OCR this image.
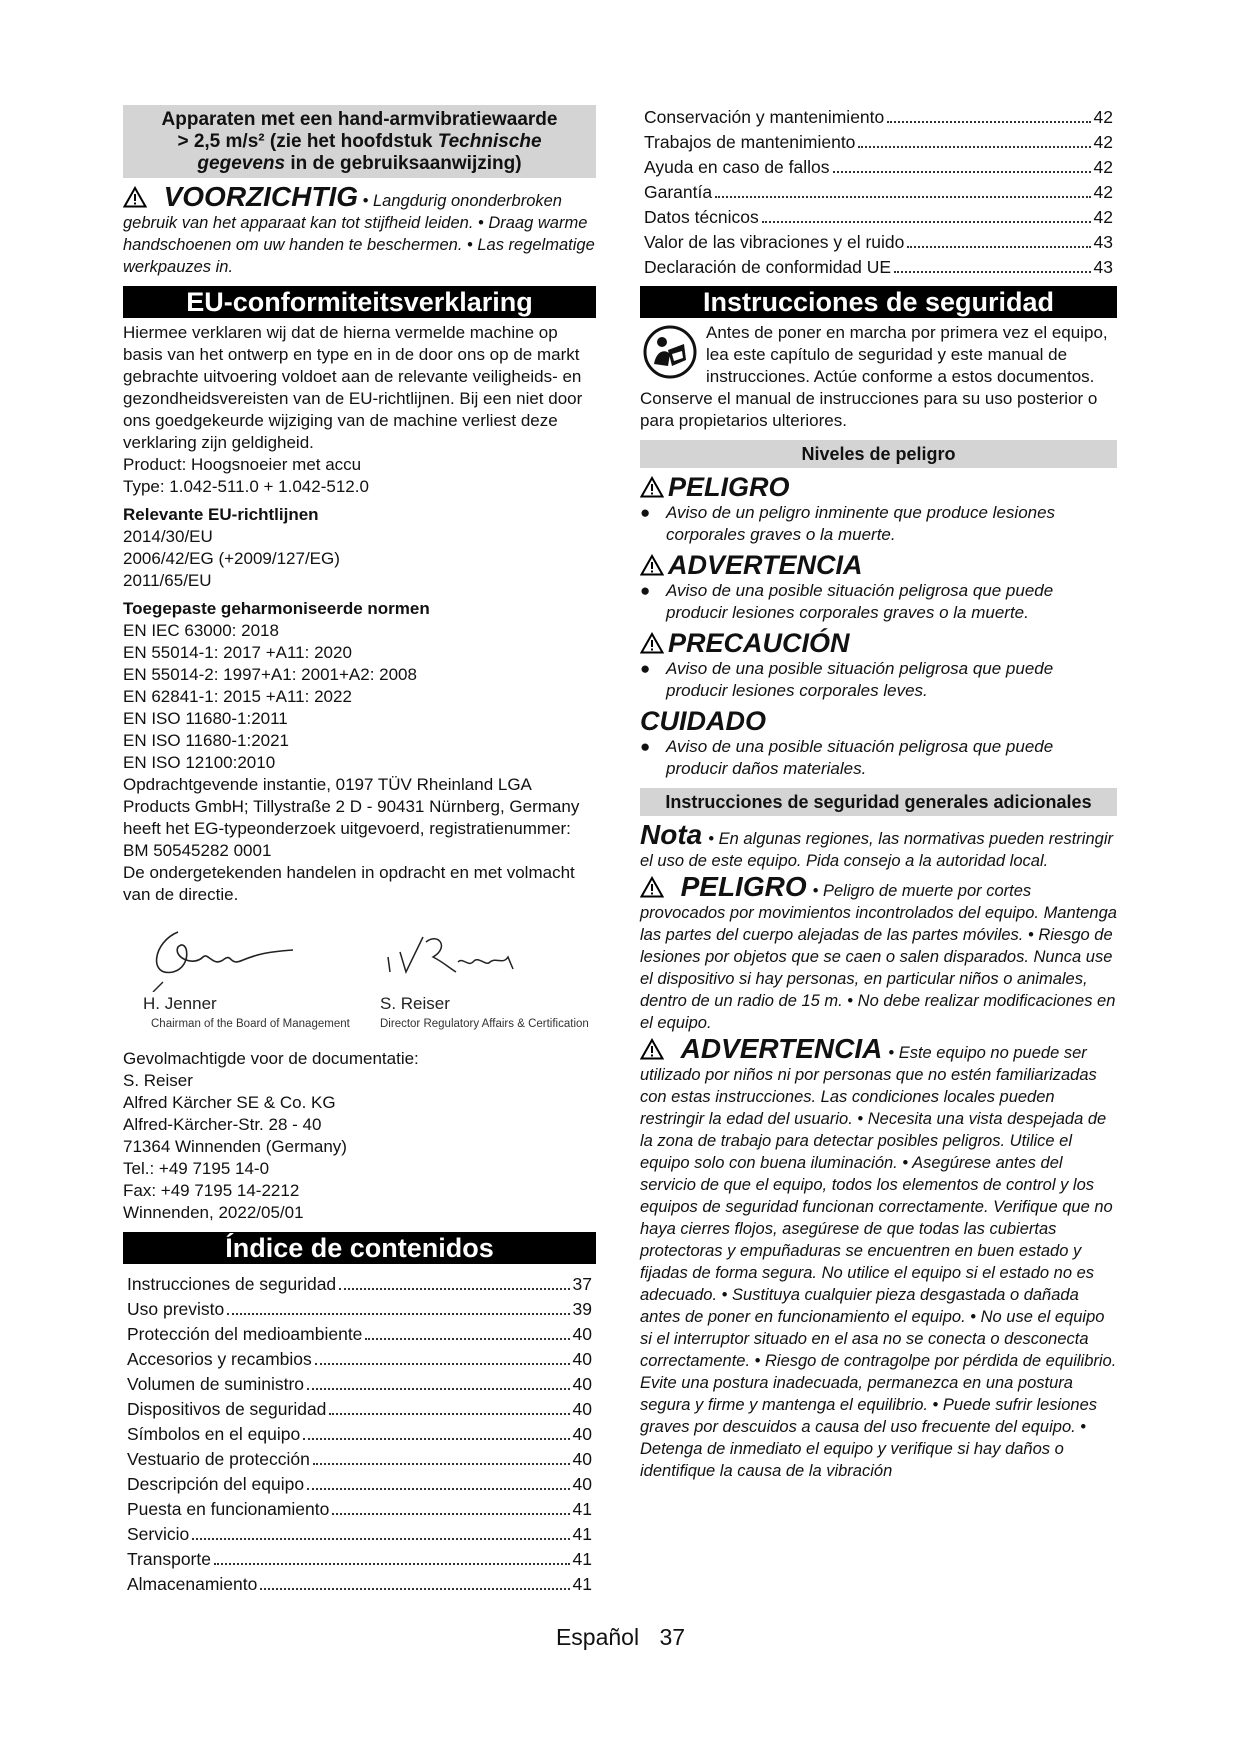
Apparaten met een hand-armvibratiewaarde
> 2,5 m/s² (zie het hoofdstuk Technische
gegevens in de gebruiksaanwijzing)

VOORZICHTIG • Langdurig ononderbroken gebruik van het apparaat kan tot stijfheid leiden. • Draag warme handschoenen om uw handen te beschermen. • Las regelmatige werkpauzes in.

EU-conformiteitsverklaring

Hiermee verklaren wij dat de hierna vermelde machine op basis van het ontwerp en type en in de door ons op de markt gebrachte uitvoering voldoet aan de relevante veiligheids- en gezondheidsvereisten van de EU-richtlijnen. Bij een niet door ons goedgekeurde wijziging van de machine verliest deze verklaring zijn geldigheid.

Product: Hoogsnoeier met accu

Type: 1.042-511.0 + 1.042-512.0

Relevante EU-richtlijnen

2014/30/EU

2006/42/EG (+2009/127/EG)

2011/65/EU

Toegepaste geharmoniseerde normen

EN IEC 63000: 2018

EN 55014-1: 2017 +A11: 2020

EN 55014-2: 1997+A1: 2001+A2: 2008

EN 62841-1: 2015 +A11: 2022

EN ISO 11680-1:2011

EN ISO 11680-1:2021

EN ISO 12100:2010

Opdrachtgevende instantie, 0197 TÜV Rheinland LGA Products GmbH; Tillystraße 2 D - 90431 Nürnberg, Germany heeft het EG-typeonderzoek uitgevoerd, registratienummer: BM 50545282 0001

De ondergetekenden handelen in opdracht en met volmacht van de directie.

H. Jenner
Chairman of the Board of Management
S. Reiser
Director Regulatory Affairs & Certification

Gevolmachtigde voor de documentatie:

S. Reiser

Alfred Kärcher SE & Co. KG

Alfred-Kärcher-Str. 28 - 40

71364 Winnenden (Germany)

Tel.: +49 7195 14-0

Fax: +49 7195 14-2212

Winnenden, 2022/05/01

Índice de contenidos
Instrucciones de seguridad	37
Uso previsto	39
Protección del medioambiente	40
Accesorios y recambios	40
Volumen de suministro	40
Dispositivos de seguridad	40
Símbolos en el equipo	40
Vestuario de protección	40
Descripción del equipo	40
Puesta en funcionamiento	41
Servicio	41
Transporte	41
Almacenamiento	41
Conservación y mantenimiento	42
Trabajos de mantenimiento	42
Ayuda en caso de fallos	42
Garantía	42
Datos técnicos	42
Valor de las vibraciones y el ruido	43
Declaración de conformidad UE	43
Instrucciones de seguridad

Antes de poner en marcha por primera vez el equipo, lea este capítulo de seguridad y este manual de instrucciones. Actúe conforme a estos documentos. Conserve el manual de instrucciones para su uso posterior o para propietarios ulteriores.

Niveles de peligro
PELIGRO
● Aviso de un peligro inminente que produce lesiones corporales graves o la muerte.
ADVERTENCIA
● Aviso de una posible situación peligrosa que puede producir lesiones corporales graves o la muerte.
PRECAUCIÓN
● Aviso de una posible situación peligrosa que puede producir lesiones corporales leves.
CUIDADO
● Aviso de una posible situación peligrosa que puede producir daños materiales.
Instrucciones de seguridad generales adicionales

Nota • En algunas regiones, las normativas pueden restringir el uso de este equipo. Pida consejo a la autoridad local.

PELIGRO • Peligro de muerte por cortes provocados por movimientos incontrolados del equipo. Mantenga las partes del cuerpo alejadas de las partes móviles. • Riesgo de lesiones por objetos que se caen o salen disparados. Nunca use el dispositivo si hay personas, en particular niños o animales, dentro de un radio de 15 m. • No debe realizar modificaciones en el equipo.

ADVERTENCIA • Este equipo no puede ser utilizado por niños ni por personas que no estén familiarizadas con estas instrucciones. Las condiciones locales pueden restringir la edad del usuario. • Necesita una vista despejada de la zona de trabajo para detectar posibles peligros. Utilice el equipo solo con buena iluminación. • Asegúrese antes del servicio de que el equipo, todos los elementos de control y los equipos de seguridad funcionan correctamente. Verifique que no haya cierres flojos, asegúrese de que todas las cubiertas protectoras y empuñaduras se encuentren en buen estado y fijadas de forma segura. No utilice el equipo si el estado no es adecuado. • Sustituya cualquier pieza desgastada o dañada antes de poner en funcionamiento el equipo. • No use el equipo si el interruptor situado en el asa no se conecta o desconecta correctamente. • Riesgo de contragolpe por pérdida de equilibrio. Evite una postura inadecuada, permanezca en una postura segura y firme y mantenga el equilibrio. • Puede sufrir lesiones graves por descuidos a causa del uso frecuente del equipo. • Detenga de inmediato el equipo y verifique si hay daños o identifique la causa de la vibración

Español 37
